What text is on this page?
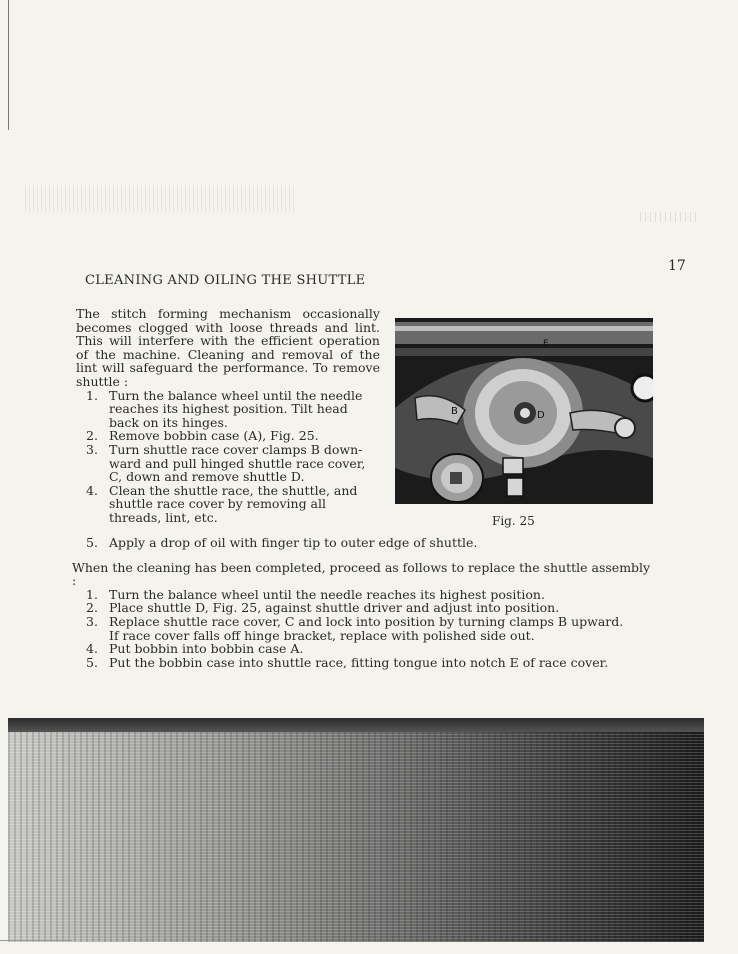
17
CLEANING AND OILING THE SHUTTLE

The stitch forming mechanism occasionally becomes clogged with loose threads and lint. This will interfere with the efficient operation of the machine. Cleaning and removal of the lint will safeguard the performance. To remove shuttle :

1. Turn the balance wheel until the needle reaches its highest position. Tilt head back on its hinges.
2. Remove bobbin case (A), Fig. 25.
3. Turn shuttle race cover clamps B down-ward and pull hinged shuttle race cover, C, down and remove shuttle D.
4. Clean the shuttle race, the shuttle, and shuttle race cover by removing all threads, lint, etc.
B	D
E
Fig. 25
5. Apply a drop of oil with finger tip to outer edge of shuttle.

When the cleaning has been completed, proceed as follows to replace the shuttle assembly :

1. Turn the balance wheel until the needle reaches its highest position.
2. Place shuttle D, Fig. 25, against shuttle driver and adjust into position.
3. Replace shuttle race cover, C and lock into position by turning clamps B upward.
If race cover falls off hinge bracket, replace with polished side out.
4. Put bobbin into bobbin case A.
5. Put the bobbin case into shuttle race, fitting tongue into notch E of race cover.
